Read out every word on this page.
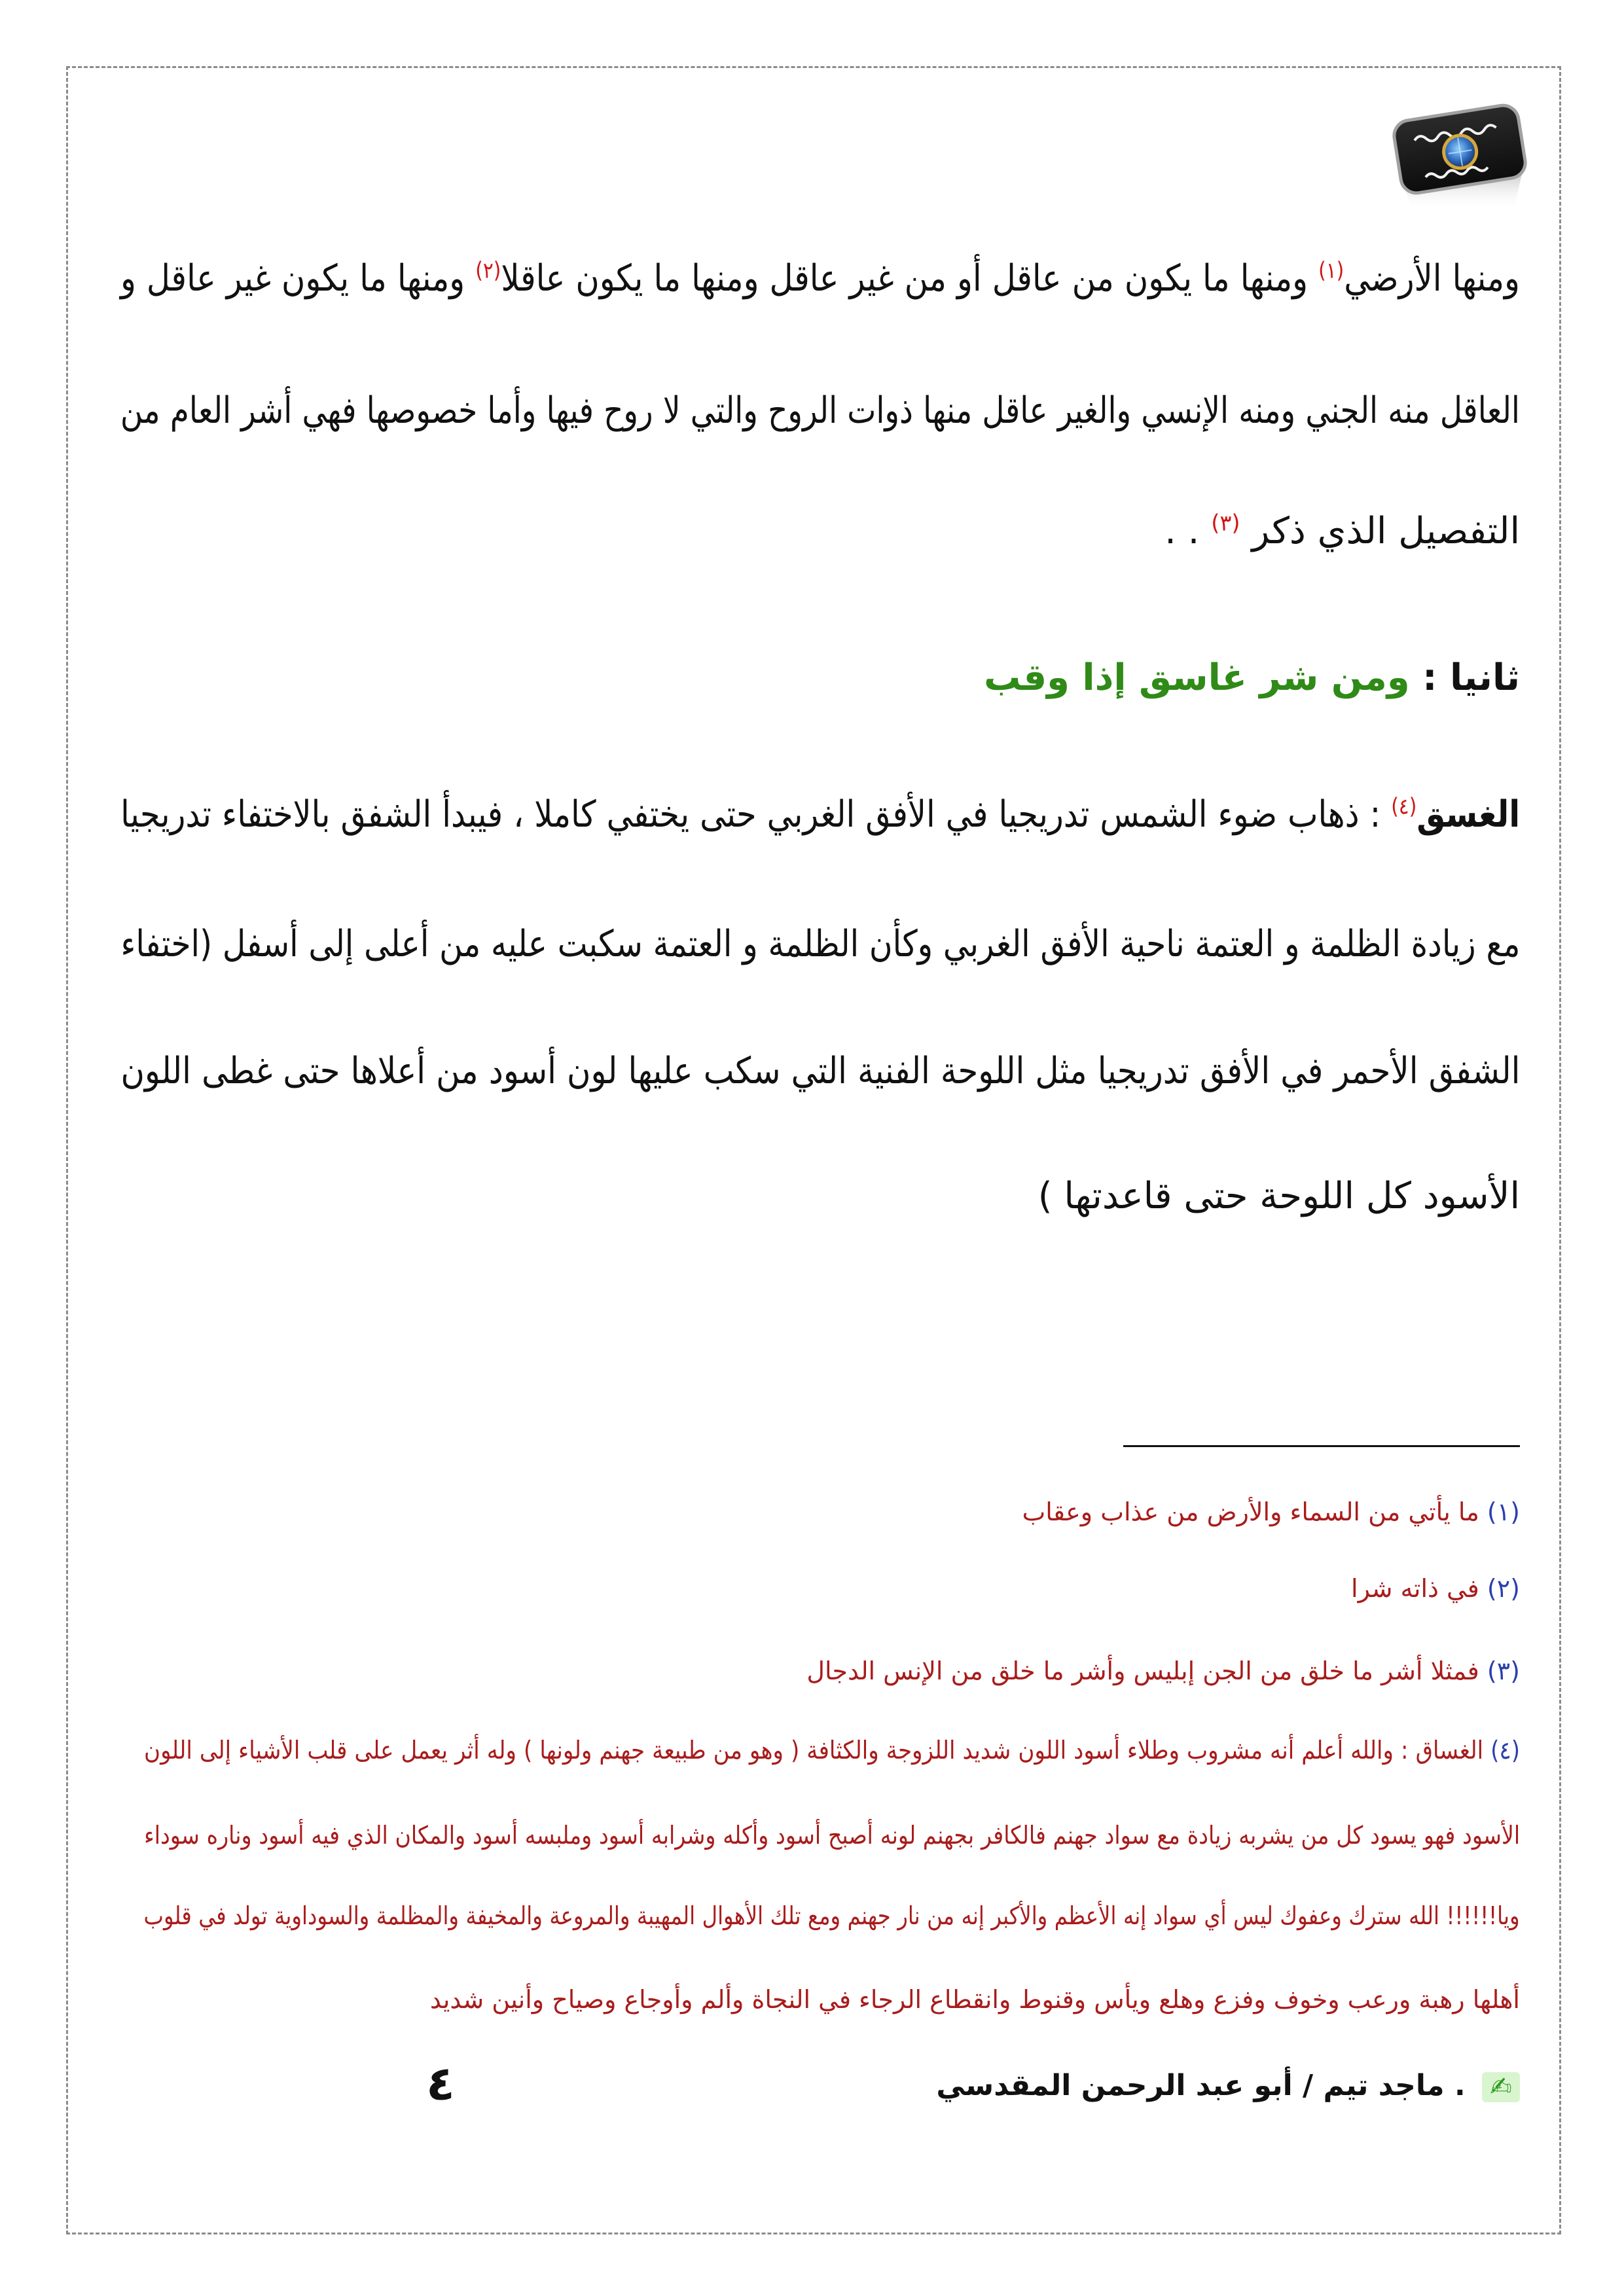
ومنها الأرضي$^{(١)}$ ومنها ما يكون من عاقل أو من غير عاقل ومنها ما يكون عاقلا$^{(٢)}$ ومنها ما يكون غير عاقل و
العاقل منه الجني ومنه الإنسي والغير عاقل منها ذوات الروح والتي لا روح فيها وأما خصوصها فهي أشر العام من
التفصيل الذي ذكر $^{(٣)}$ . .
ثانيا : ومن شر غاسق إذا وقب
الغسق$^{(٤)}$ : ذهاب ضوء الشمس تدريجيا في الأفق الغربي حتى يختفي كاملا ، فيبدأ الشفق بالاختفاء تدريجيا
مع زيادة الظلمة و العتمة ناحية الأفق الغربي وكأن الظلمة و العتمة سكبت عليه من أعلى إلى أسفل (اختفاء
الشفق الأحمر في الأفق تدريجيا مثل اللوحة الفنية التي سكب عليها لون أسود من أعلاها حتى غطى اللون
الأسود كل اللوحة حتى قاعدتها )
(١) ما يأتي من السماء والأرض من عذاب وعقاب
(٢) في ذاته شرا
(٣) فمثلا أشر ما خلق من الجن إبليس وأشر ما خلق من الإنس الدجال
(٤) الغساق : والله أعلم أنه مشروب وطلاء أسود اللون شديد اللزوجة والكثافة ( وهو من طبيعة جهنم ولونها ) وله أثر يعمل على قلب الأشياء إلى اللون
الأسود فهو يسود كل من يشربه زيادة مع سواد جهنم فالكافر بجهنم لونه أصبح أسود وأكله وشرابه أسود وملبسه أسود والمكان الذي فيه أسود وناره سوداء
ويا!!!!!! الله سترك وعفوك ليس أي سواد إنه الأعظم والأكبر إنه من نار جهنم ومع تلك الأهوال المهيبة والمروعة والمخيفة والمظلمة والسوداوية تولد في قلوب
أهلها رهبة ورعب وخوف وفزع وهلع ويأس وقنوط وانقطاع الرجاء في النجاة وألم وأوجاع وصياح وأنين شديد
٤
✍	. ماجد تيم / أبو عبد الرحمن المقدسي
